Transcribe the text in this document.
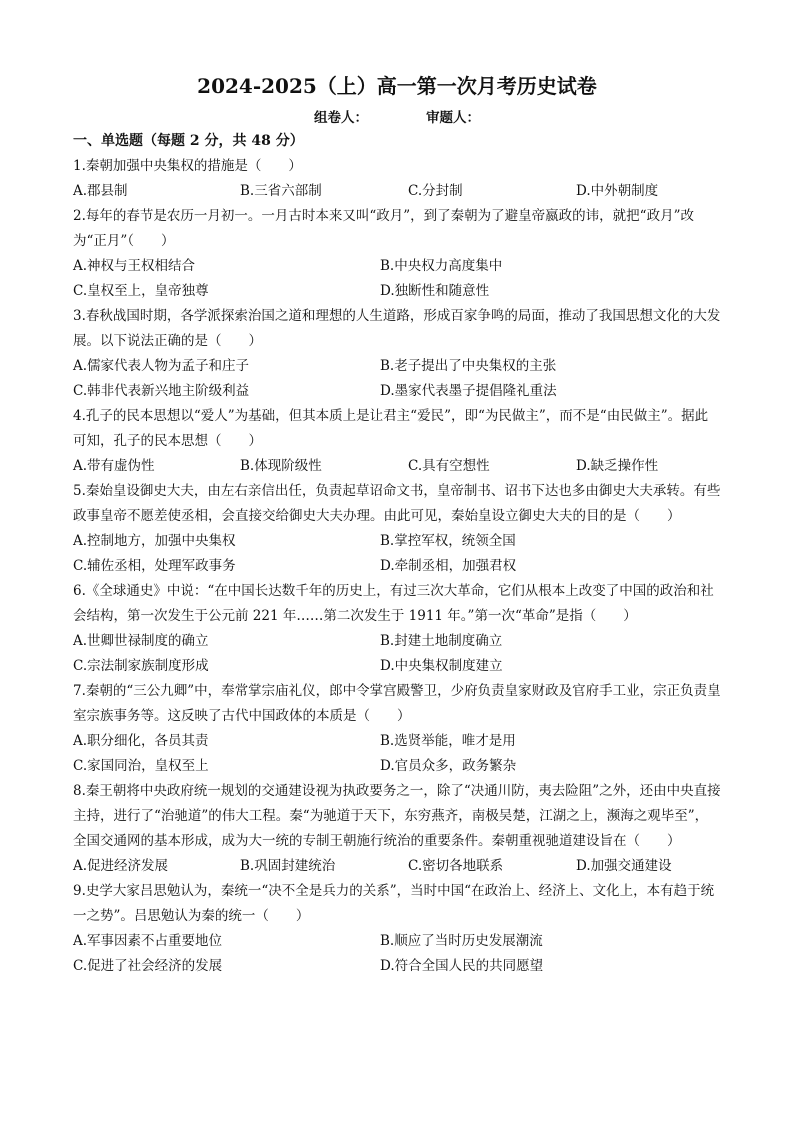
2024-2025（上）高一第一次月考历史试卷
组卷人：	审题人：
一、单选题（每题 2 分，共 48 分）

1.秦朝加强中央集权的措施是（　　）

A.郡县制	B.三省六部制	C.分封制	D.中外朝制度

2.每年的春节是农历一月初一。一月古时本来又叫“政月”，到了秦朝为了避皇帝嬴政的讳，就把“政月”改为“正月”（　　）

A.神权与王权相结合	B.中央权力高度集中
C.皇权至上，皇帝独尊	D.独断性和随意性

3.春秋战国时期，各学派探索治国之道和理想的人生道路，形成百家争鸣的局面，推动了我国思想文化的大发展。以下说法正确的是（　　）

A.儒家代表人物为孟子和庄子	B.老子提出了中央集权的主张
C.韩非代表新兴地主阶级利益	D.墨家代表墨子提倡隆礼重法

4.孔子的民本思想以“爱人”为基础，但其本质上是让君主“爱民”，即“为民做主”，而不是“由民做主”。据此可知，孔子的民本思想（　　）

A.带有虚伪性	B.体现阶级性	C.具有空想性	D.缺乏操作性

5.秦始皇设御史大夫，由左右亲信出任，负责起草诏命文书，皇帝制书、诏书下达也多由御史大夫承转。有些政事皇帝不愿差使丞相，会直接交给御史大夫办理。由此可见，秦始皇设立御史大夫的目的是（　　）

A.控制地方，加强中央集权	B.掌控军权，统领全国
C.辅佐丞相，处理军政事务	D.牵制丞相，加强君权

6.《全球通史》中说：“在中国长达数千年的历史上，有过三次大革命，它们从根本上改变了中国的政治和社会结构，第一次发生于公元前 221 年……第二次发生于 1911 年。”第一次“革命”是指（　　）

A.世卿世禄制度的确立	B.封建土地制度确立
C.宗法制家族制度形成	D.中央集权制度建立

7.秦朝的“三公九卿”中，奉常掌宗庙礼仪，郎中令掌宫殿警卫，少府负责皇家财政及官府手工业，宗正负责皇室宗族事务等。这反映了古代中国政体的本质是（　　）

A.职分细化，各员其责	B.选贤举能，唯才是用
C.家国同治，皇权至上	D.官员众多，政务繁杂

8.秦王朝将中央政府统一规划的交通建设视为执政要务之一，除了“决通川防，夷去险阻”之外，还由中央直接主持，进行了“治驰道”的伟大工程。秦“为驰道于天下，东穷燕齐，南极吴楚，江湖之上，濒海之观毕至”，全国交通网的基本形成，成为大一统的专制王朝施行统治的重要条件。秦朝重视驰道建设旨在（　　）

A.促进经济发展	B.巩固封建统治	C.密切各地联系	D.加强交通建设

9.史学大家吕思勉认为，秦统一“决不全是兵力的关系”，当时中国“在政治上、经济上、文化上，本有趋于统一之势”。吕思勉认为秦的统一（　　）

A.军事因素不占重要地位	B.顺应了当时历史发展潮流
C.促进了社会经济的发展	D.符合全国人民的共同愿望
